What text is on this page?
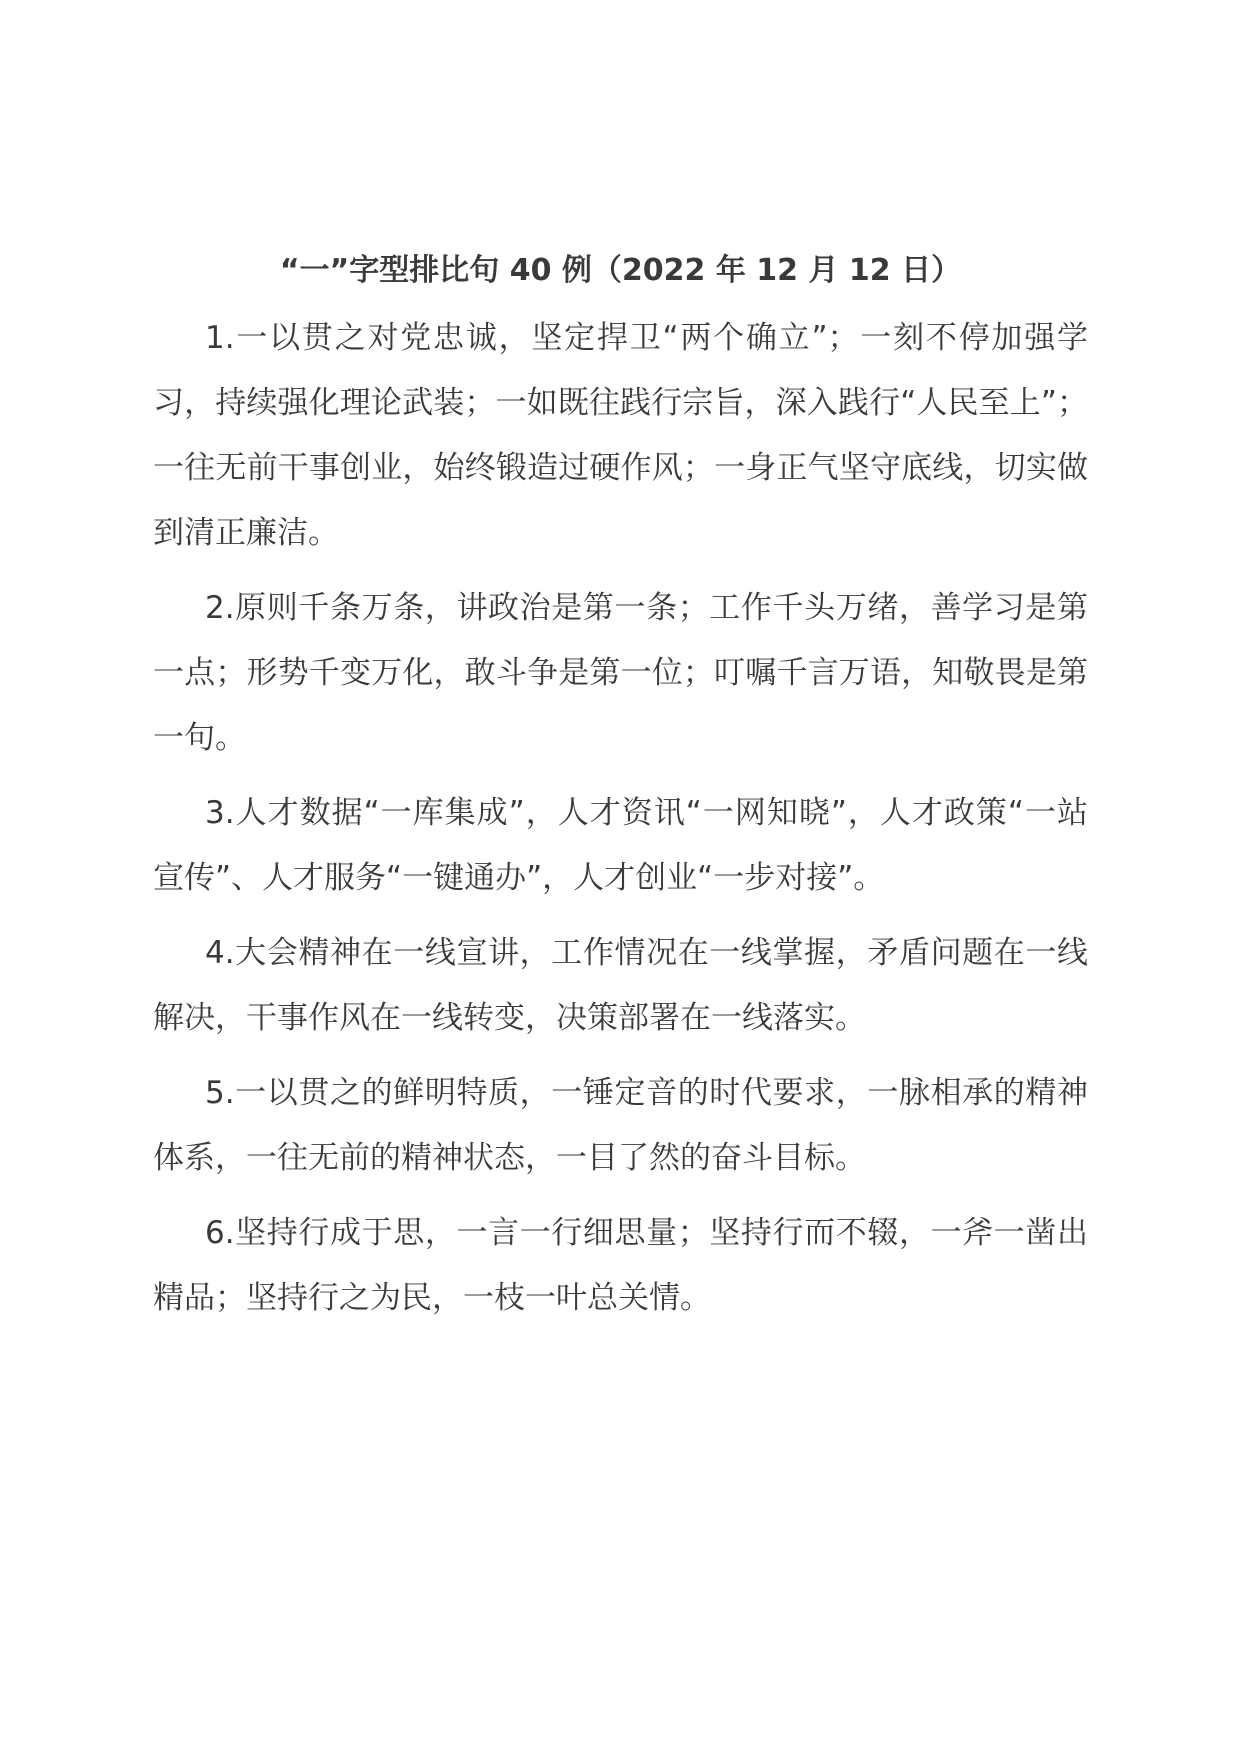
“一”字型排比句 40 例（2022 年 12 月 12 日）

1.一以贯之对党忠诚，坚定捍卫“两个确立”；一刻不停加强学习，持续强化理论武装；一如既往践行宗旨，深入践行“人民至上”；一往无前干事创业，始终锻造过硬作风；一身正气坚守底线，切实做到清正廉洁。

2.原则千条万条，讲政治是第一条；工作千头万绪，善学习是第一点；形势千变万化，敢斗争是第一位；叮嘱千言万语，知敬畏是第一句。

3.人才数据“一库集成”，人才资讯“一网知晓”，人才政策“一站宣传”、人才服务“一键通办”，人才创业“一步对接”。

4.大会精神在一线宣讲，工作情况在一线掌握，矛盾问题在一线解决，干事作风在一线转变，决策部署在一线落实。

5.一以贯之的鲜明特质，一锤定音的时代要求，一脉相承的精神体系，一往无前的精神状态，一目了然的奋斗目标。

6.坚持行成于思，一言一行细思量；坚持行而不辍，一斧一凿出精品；坚持行之为民，一枝一叶总关情。
